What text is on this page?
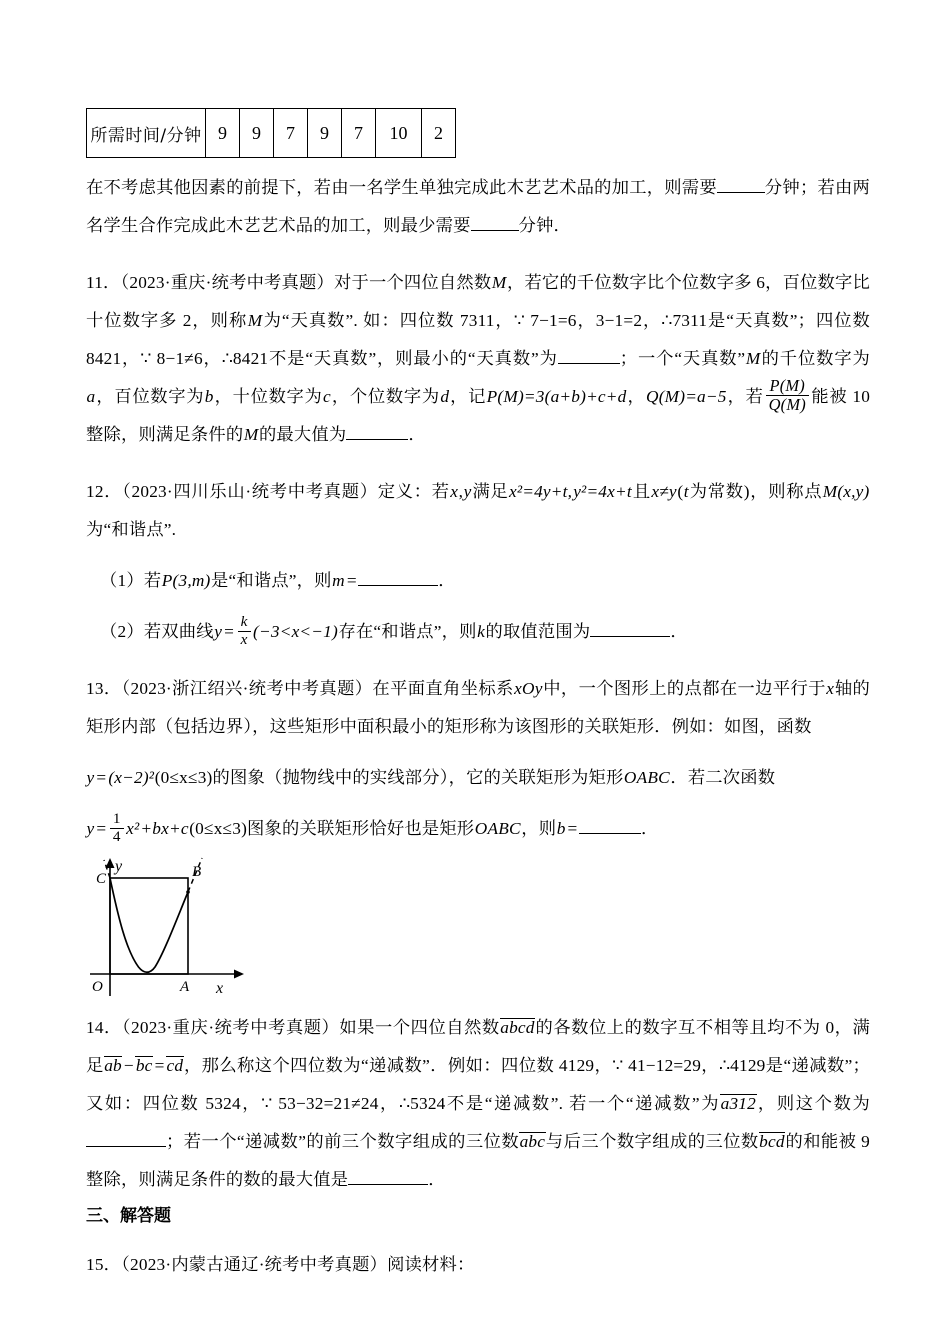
所需时间/分钟	9	9	7	9	7	10	2

在不考虑其他因素的前提下，若由一名学生单独完成此木艺艺术品的加工，则需要	分钟；若由两名学生合作完成此木艺艺术品的加工，则最少需要	分钟．

11．（2023·重庆·统考中考真题）对于一个四位自然数M，若它的千位数字比个位数字多 6，百位数字比十位数字多 2，则称M为“天真数”. 如：四位数 7311，∵ 7−1=6，3−1=2，∴7311是“天真数”；四位数 8421，∵ 8−1≠6，∴8421不是“天真数”，则最小的“天真数”为	；一个“天真数”M的千位数字为a，百位数字为b，十位数字为c，个位数字为d，记P(M)=3(a+b)+c+d，Q(M)=a−5，若 $\frac{P(M)}{Q(M)}$ 能被 10 整除，则满足条件的M的最大值为	．

12．（2023·四川乐山·统考中考真题）定义：若x,y满足x²=4y+t,y²=4x+t且x≠y(t为常数)，则称点M(x,y)为“和谐点”.

（1）若P(3,m)是“和谐点”，则m =	．

（2）若双曲线$y = \frac{k}{x} (-3<x<-1)$存在“和谐点”，则k的取值范围为	．

13．（2023·浙江绍兴·统考中考真题）在平面直角坐标系xOy中，一个图形上的点都在一边平行于x轴的矩形内部（包括边界），这些矩形中面积最小的矩形称为该图形的关联矩形．例如：如图，函数

y = (x−2)²(0≤x≤3)的图象（抛物线中的实线部分），它的关联矩形为矩形OABC．若二次函数

$y = \frac{1}{4} x^2+bx+c(0\le x\le 3)$图象的关联矩形恰好也是矩形OABC，则b =	．

C	B
A
O	x
y

14．（2023·重庆·统考中考真题）如果一个四位自然数abcd的各数位上的数字互不相等且均不为 0，满足ab − bc = cd，那么称这个四位数为“递减数”．例如：四位数 4129，∵ 41−12=29，∴4129是“递减数”；又如：四位数 5324，∵ 53−32=21≠24，∴5324不是“递减数”. 若一个“递减数”为a312，则这个数为；若一个“递减数”的前三个数字组成的三位数abc与后三个数字组成的三位数bcd的和能被 9 整除，则满足条件的数的最大值是	．

三、解答题

15．（2023·内蒙古通辽·统考中考真题）阅读材料：
